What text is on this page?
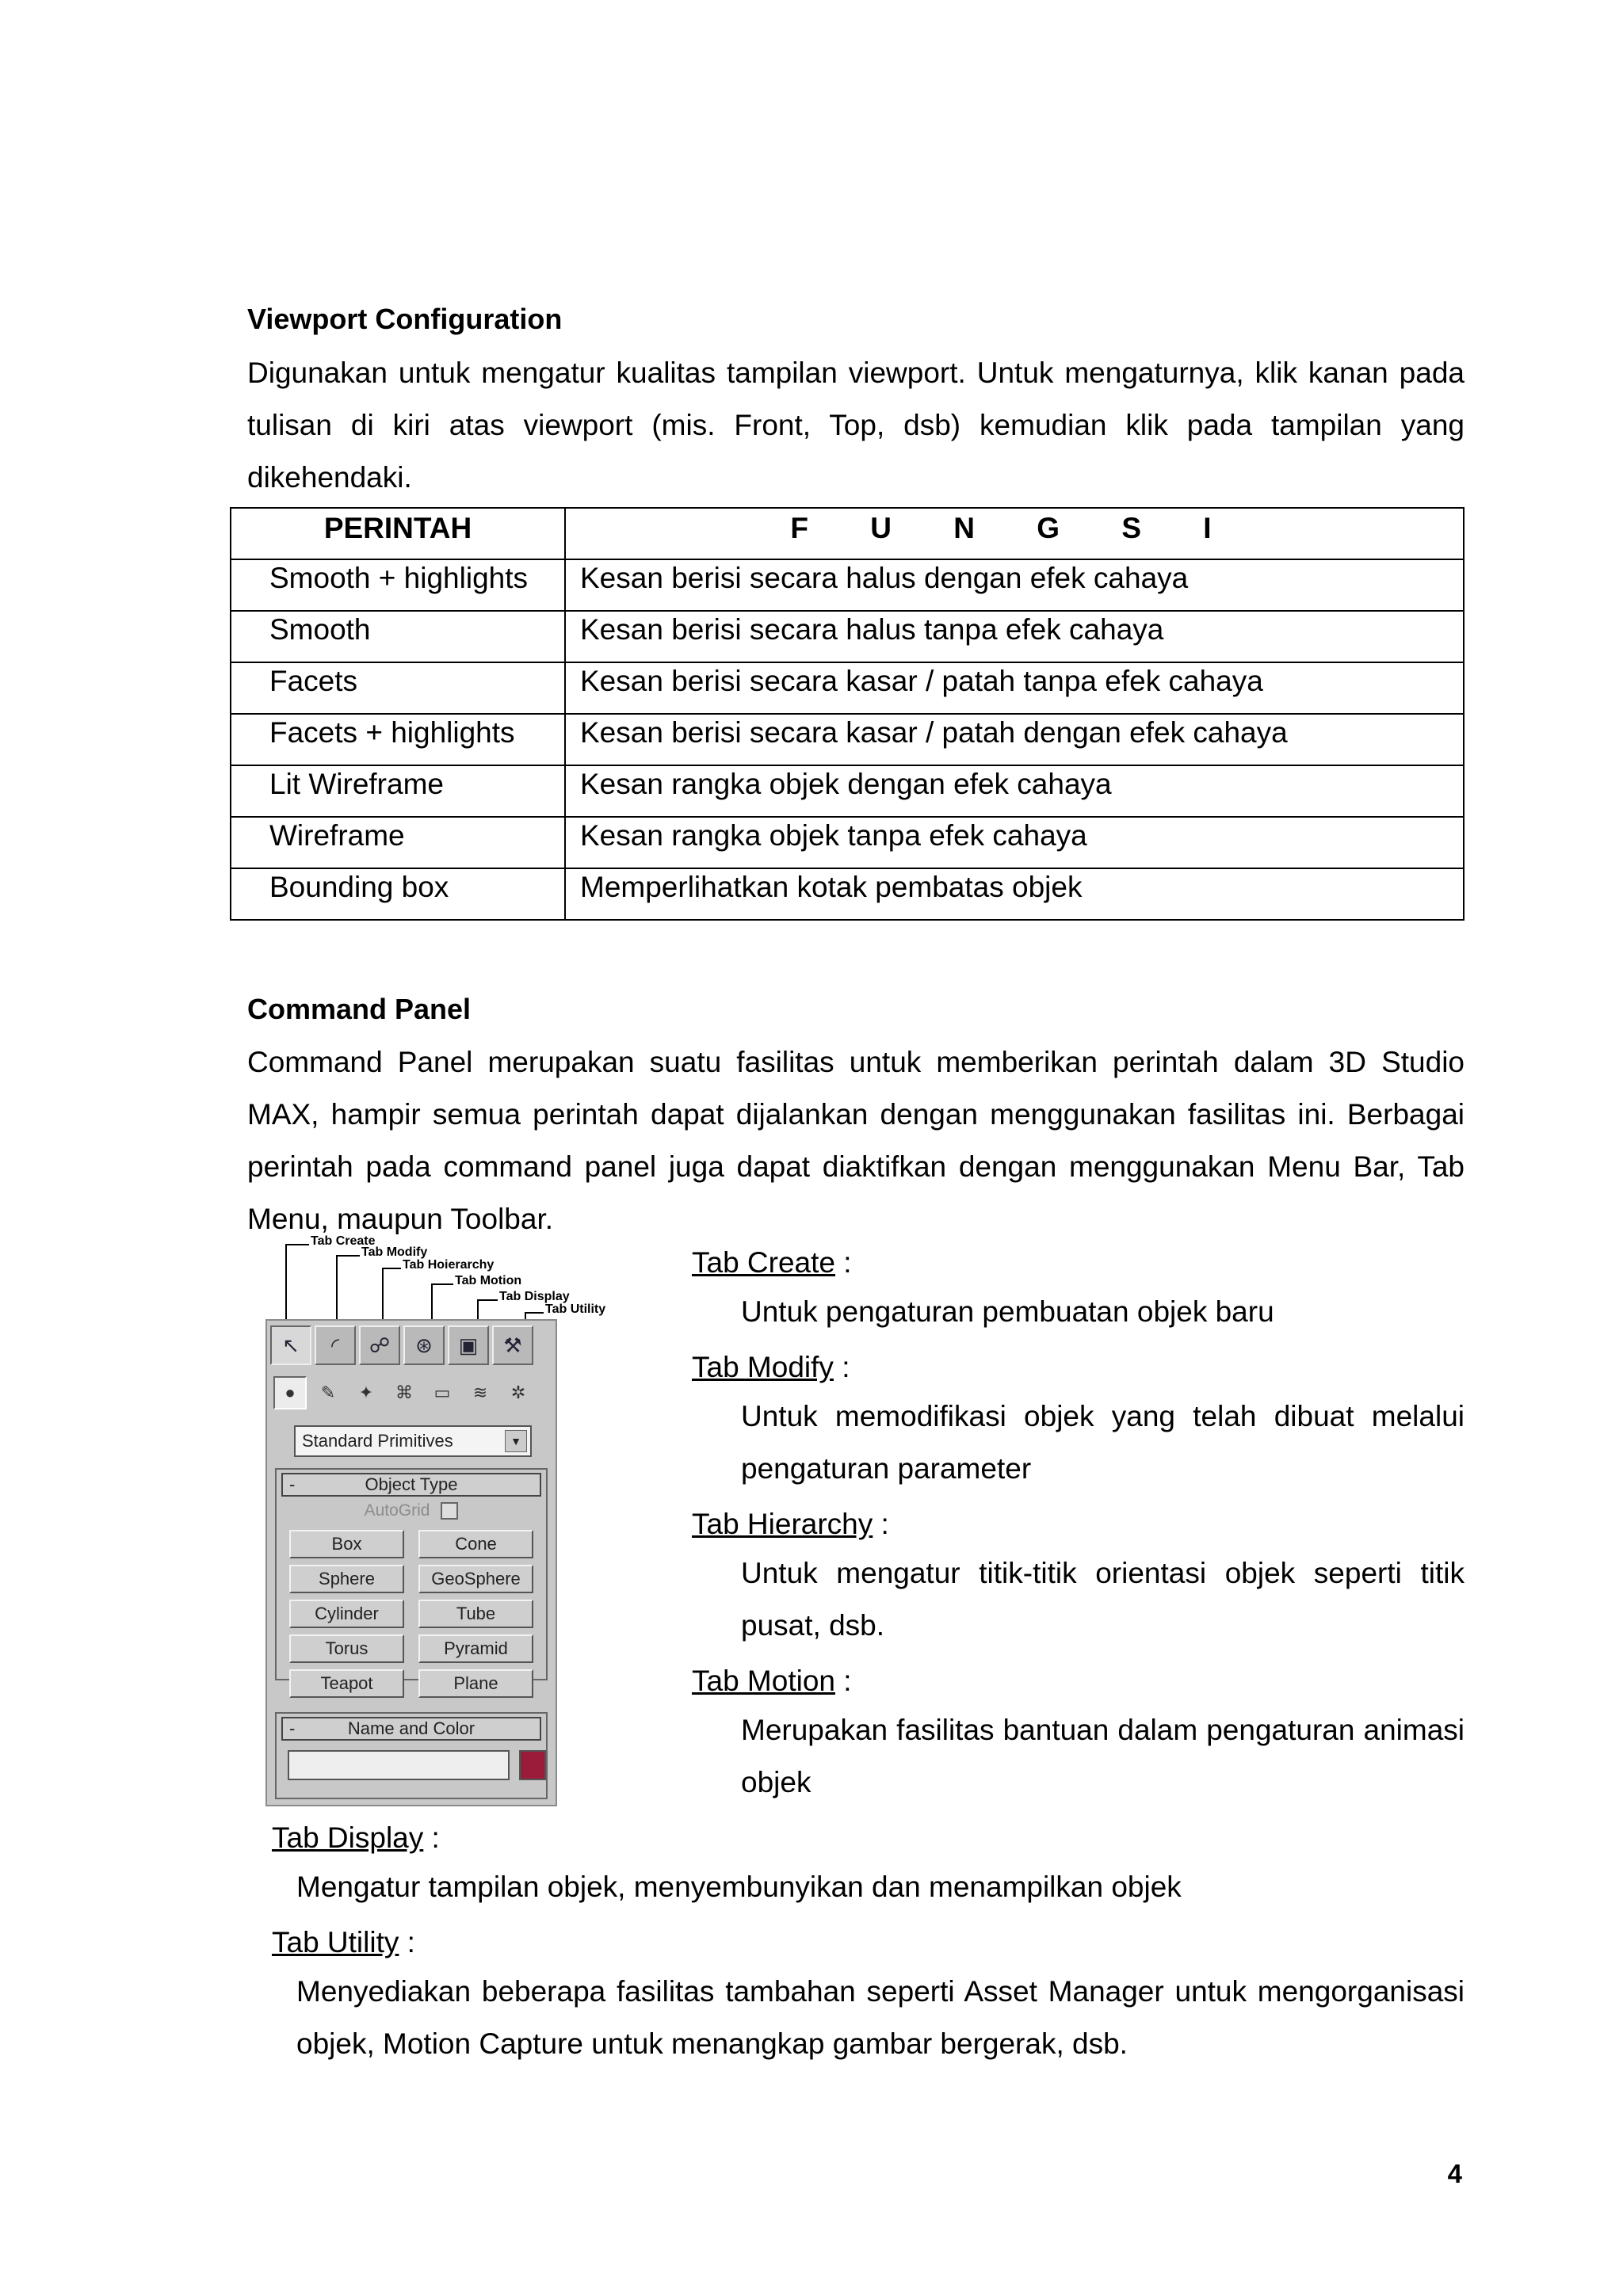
Viewport Configuration
Digunakan untuk mengatur kualitas tampilan viewport. Untuk mengaturnya, klik kanan pada tulisan di kiri atas viewport (mis. Front, Top, dsb) kemudian klik pada tampilan yang dikehendaki.
PERINTAH	F U N G S I

Smooth + highlights	Kesan berisi secara halus dengan efek cahaya

Smooth	Kesan berisi secara halus tanpa efek cahaya

Facets	Kesan berisi secara kasar / patah tanpa efek cahaya

Facets + highlights	Kesan berisi secara kasar / patah dengan efek cahaya

Lit Wireframe	Kesan rangka objek dengan efek cahaya

Wireframe	Kesan rangka objek tanpa efek cahaya

Bounding box	Memperlihatkan kotak pembatas objek
Command Panel
Command Panel merupakan suatu fasilitas untuk memberikan perintah dalam 3D Studio MAX, hampir semua perintah dapat dijalankan dengan menggunakan fasilitas ini. Berbagai perintah pada command panel juga dapat diaktifkan dengan menggunakan Menu Bar, Tab Menu, maupun Toolbar.
Tab Create
Tab Modify
Tab Hoierarchy
Tab Motion
Tab Display
Tab Utility
↖	◜	☍	⊛	▣	⚒
●	✎	✦	⌘	▭	≋	✲
Standard Primitives	▼
-	Object Type
AutoGrid
Box	Cone
Sphere	GeoSphere
Cylinder	Tube
Torus	Pyramid
Teapot	Plane
-	Name and Color
Tab Create :
Untuk pengaturan pembuatan objek baru
Tab Modify :
Untuk memodifikasi objek yang telah dibuat melalui pengaturan parameter
Tab Hierarchy :
Untuk mengatur titik-titik orientasi objek seperti titik pusat, dsb.
Tab Motion :
Merupakan fasilitas bantuan dalam pengaturan animasi objek
Tab Display :
Mengatur tampilan objek, menyembunyikan dan menampilkan objek
Tab Utility :
Menyediakan beberapa fasilitas tambahan seperti Asset Manager untuk mengorganisasi objek, Motion Capture untuk menangkap gambar bergerak, dsb.
4
